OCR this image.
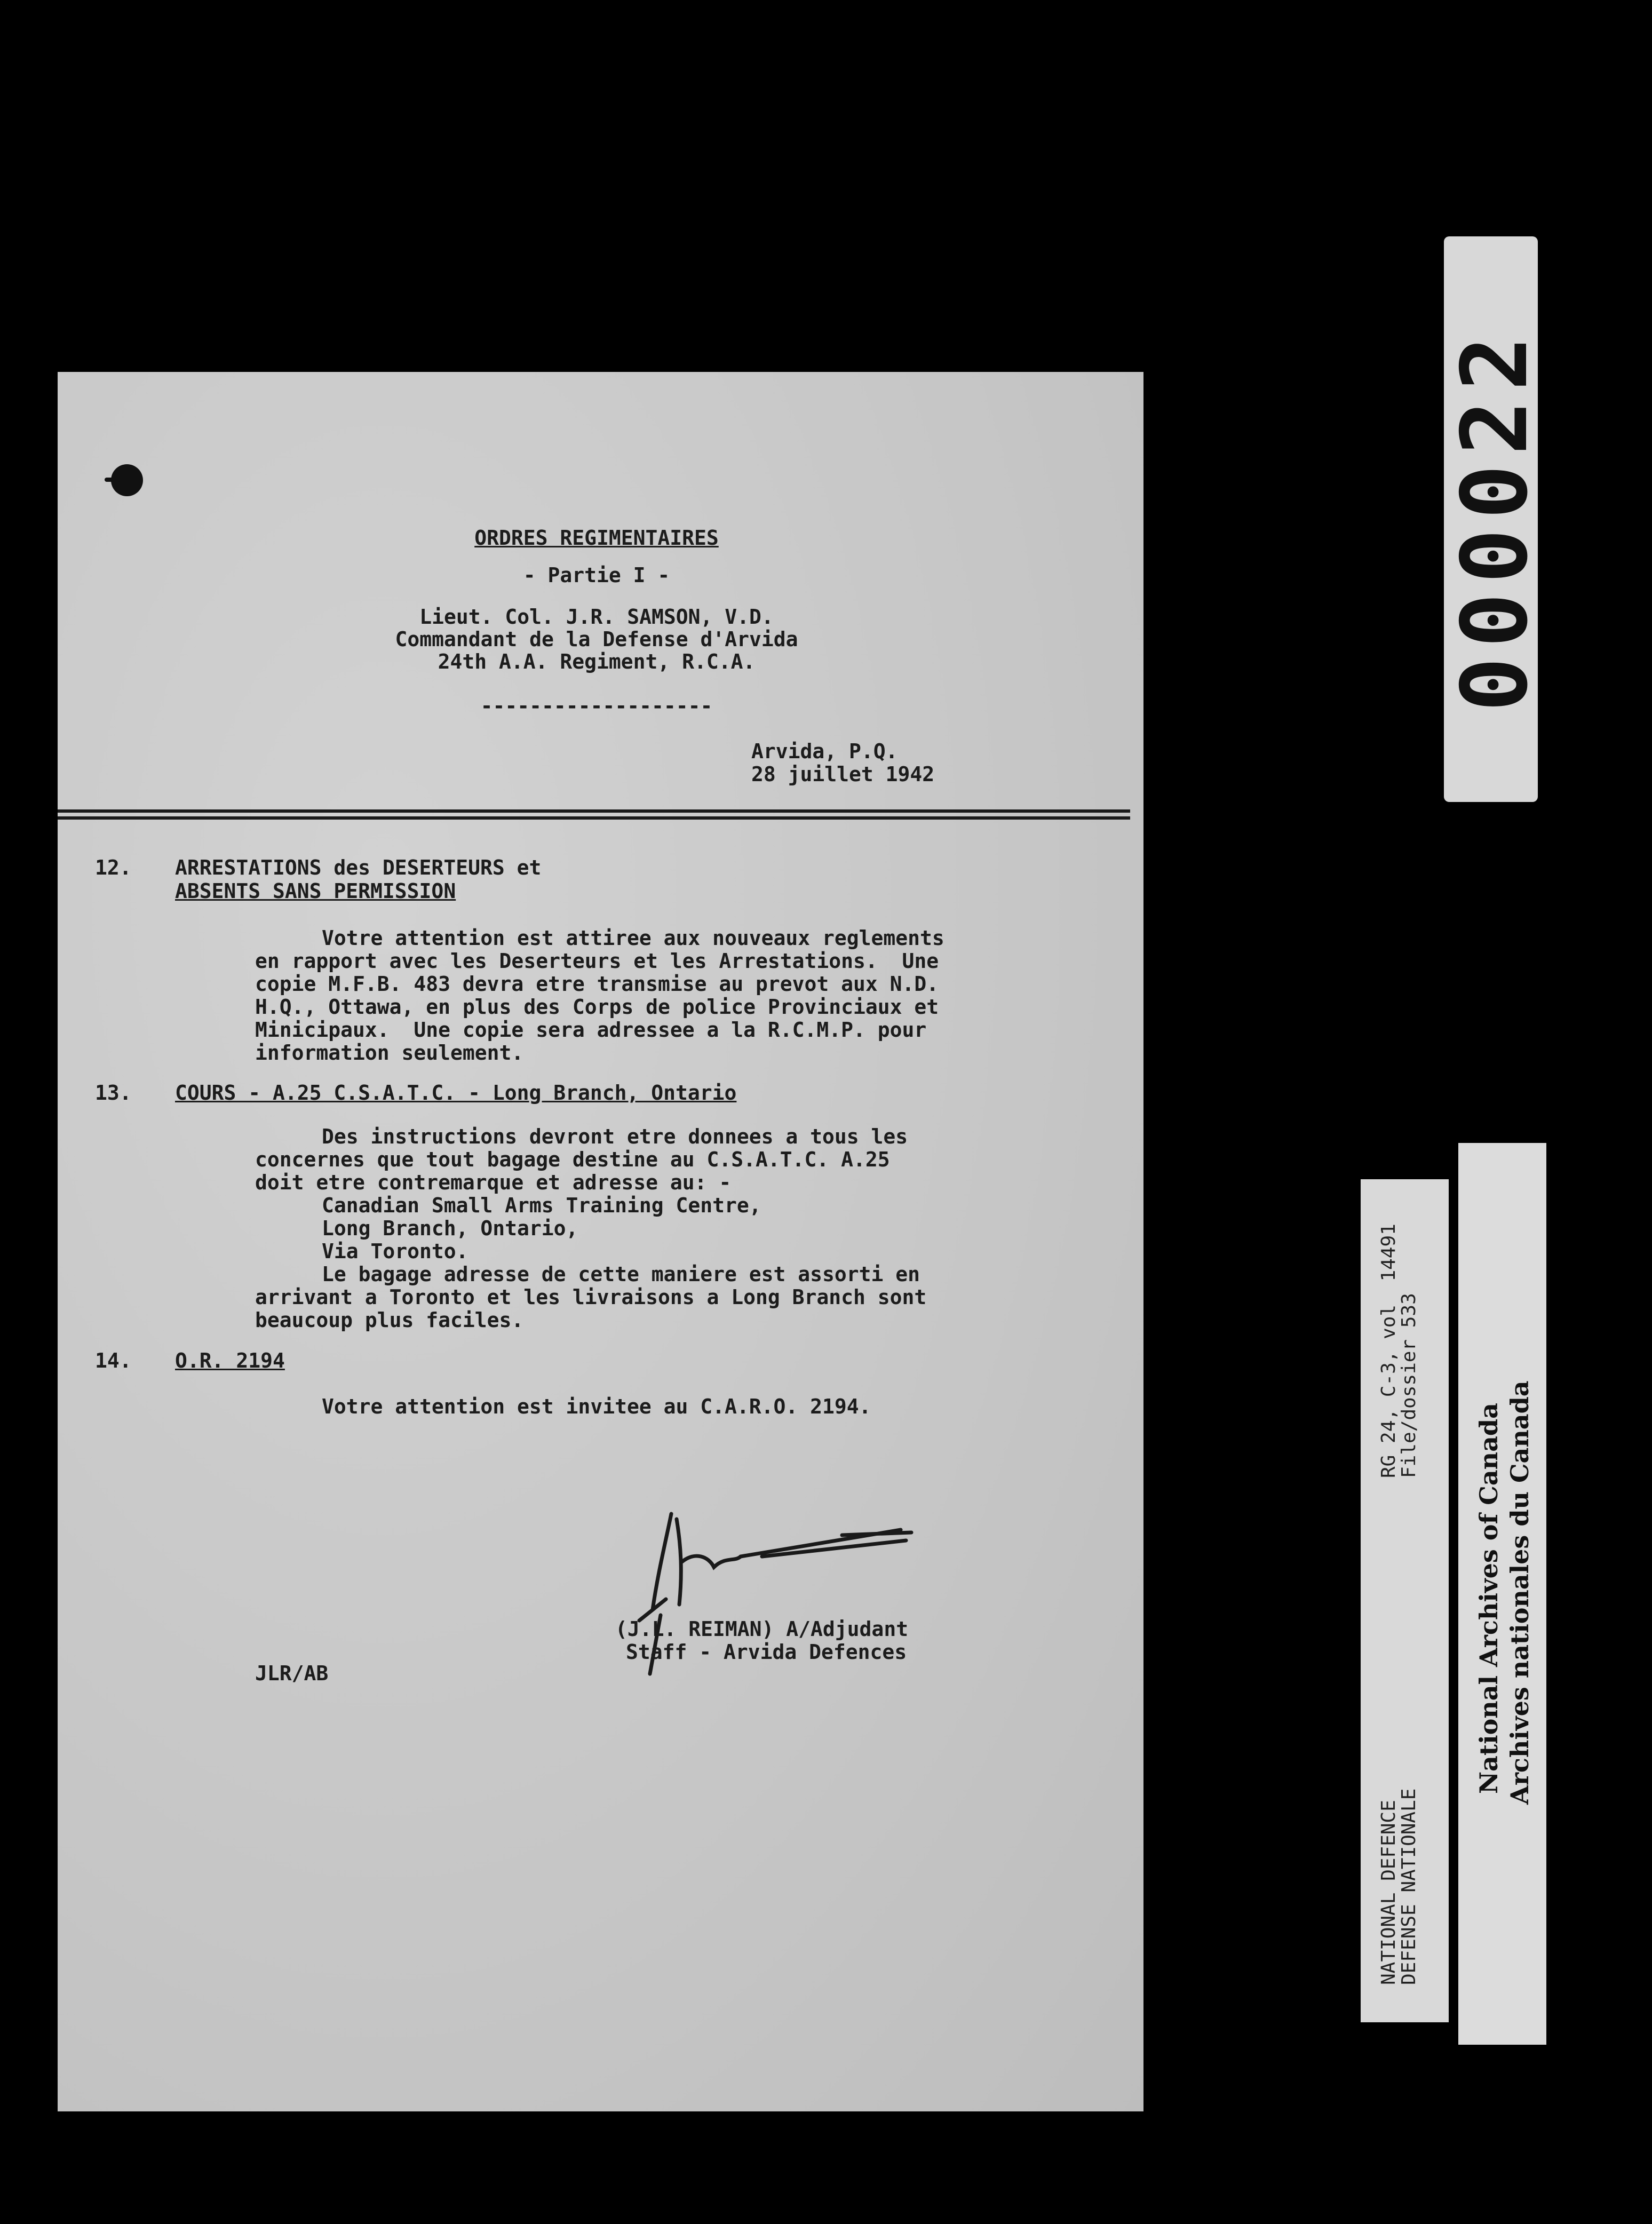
ORDRES REGIMENTAIRES
- Partie I -
Lieut. Col. J.R. SAMSON, V.D.
Commandant de la Defense d'Arvida
24th A.A. Regiment, R.C.A.
-------------------
Arvida, P.Q.
28 juillet 1942
12. ARRESTATIONS des DESERTEURS et
ABSENTS SANS PERMISSION
Votre attention est attiree aux nouveaux reglements
en rapport avec les Deserteurs et les Arrestations.  Une
copie M.F.B. 483 devra etre transmise au prevot aux N.D.
H.Q., Ottawa, en plus des Corps de police Provinciaux et
Minicipaux.  Une copie sera adressee a la R.C.M.P. pour
information seulement.
13. COURS - A.25 C.S.A.T.C. - Long Branch, Ontario
Des instructions devront etre donnees a tous les
concernes que tout bagage destine au C.S.A.T.C. A.25
doit etre contremarque et adresse au: -
Canadian Small Arms Training Centre,
Long Branch, Ontario,
Via Toronto.
Le bagage adresse de cette maniere est assorti en
arrivant a Toronto et les livraisons a Long Branch sont
beaucoup plus faciles.
14. O.R. 2194
Votre attention est invitee au C.A.R.O. 2194.
(J.L. REIMAN) A/Adjudant
Staff - Arvida Defences
JLR/AB
000022
RG 24, C-3, vol  14491
File/dossier 533
NATIONAL DEFENCE
DEFENSE NATIONALE
National Archives of Canada Archives nationales du Canada
